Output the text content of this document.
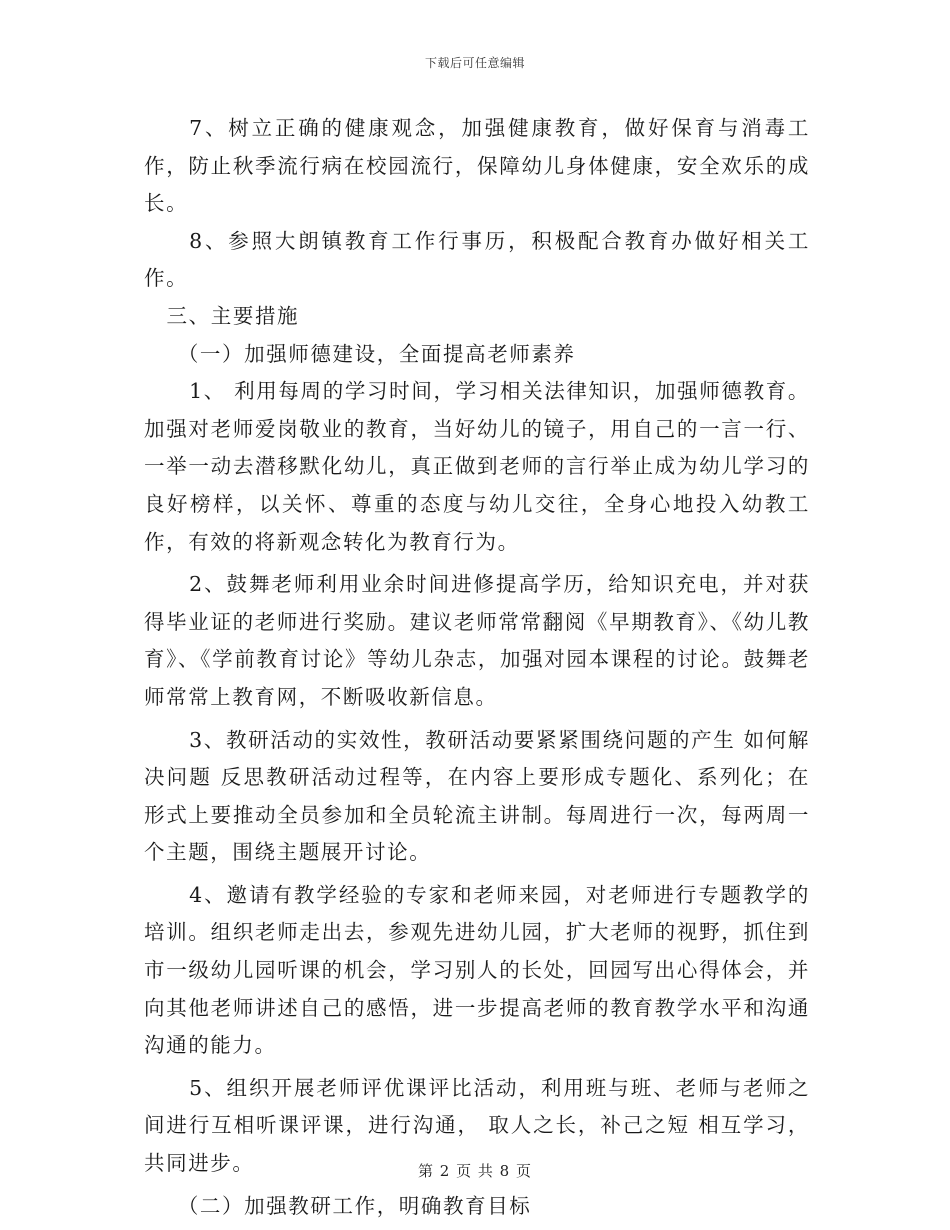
下载后可任意编辑

7、树立正确的健康观念，加强健康教育，做好保育与消毒工作，防止秋季流行病在校园流行，保障幼儿身体健康，安全欢乐的成长。

8、参照大朗镇教育工作行事历，积极配合教育办做好相关工作。

三、主要措施

（一）加强师德建设，全面提高老师素养

1、 利用每周的学习时间，学习相关法律知识，加强师德教育。加强对老师爱岗敬业的教育，当好幼儿的镜子，用自己的一言一行、一举一动去潜移默化幼儿，真正做到老师的言行举止成为幼儿学习的良好榜样，以关怀、尊重的态度与幼儿交往，全身心地投入幼教工作，有效的将新观念转化为教育行为。

2、鼓舞老师利用业余时间进修提高学历，给知识充电，并对获得毕业证的老师进行奖励。建议老师常常翻阅《早期教育》、《幼儿教育》、《学前教育讨论》等幼儿杂志，加强对园本课程的讨论。鼓舞老师常常上教育网，不断吸收新信息。

3、教研活动的实效性，教研活动要紧紧围绕问题的产生 如何解决问题 反思教研活动过程等，在内容上要形成专题化、系列化；在形式上要推动全员参加和全员轮流主讲制。每周进行一次，每两周一个主题，围绕主题展开讨论。

4、邀请有教学经验的专家和老师来园，对老师进行专题教学的培训。组织老师走出去，参观先进幼儿园，扩大老师的视野，抓住到市一级幼儿园听课的机会，学习别人的长处，回园写出心得体会，并向其他老师讲述自己的感悟，进一步提高老师的教育教学水平和沟通沟通的能力。

5、组织开展老师评优课评比活动，利用班与班、老师与老师之间进行互相听课评课，进行沟通， 取人之长，补己之短 相互学习，共同进步。

（二）加强教研工作，明确教育目标

第 2 页 共 8 页
